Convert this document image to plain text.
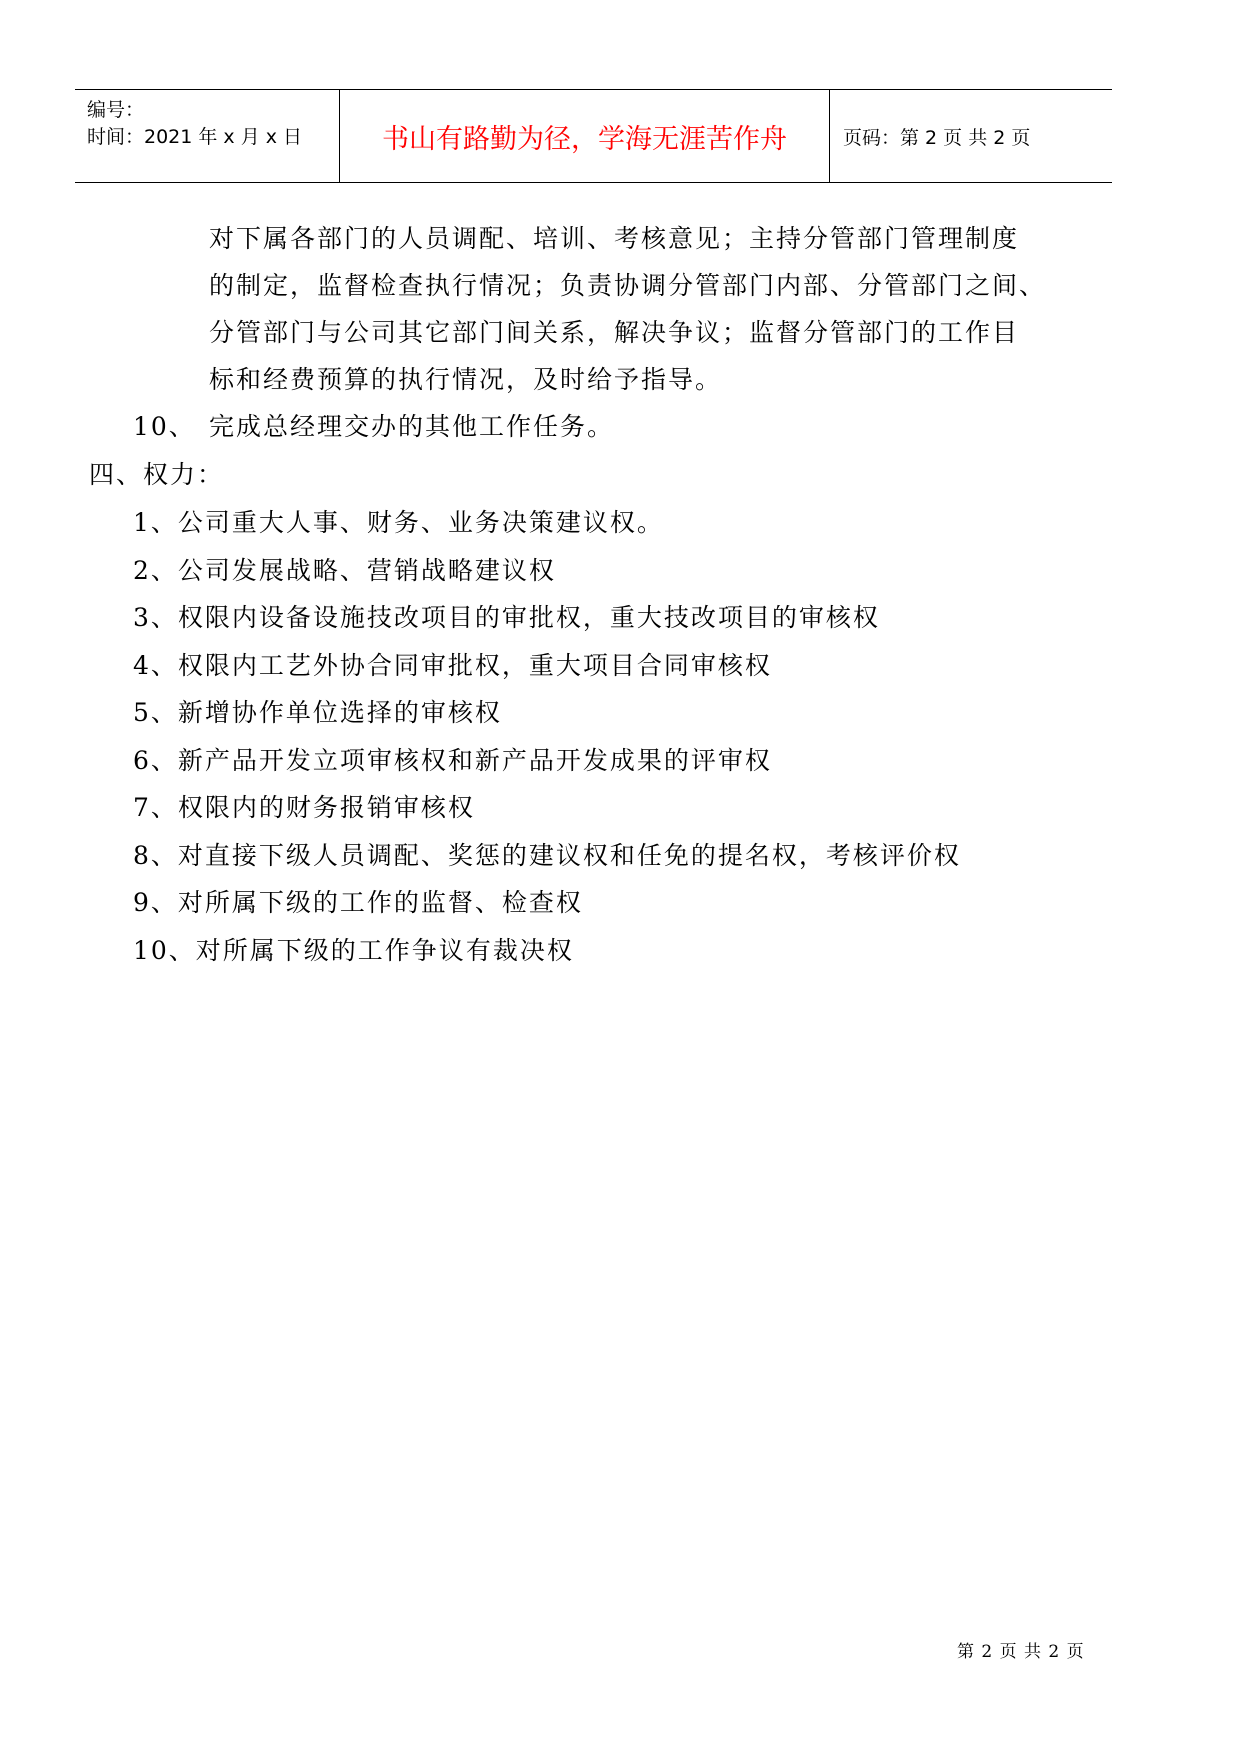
编号：
时间：2021 年 x 月 x 日	书山有路勤为径，学海无涯苦作舟	页码：第 2 页 共 2 页
对下属各部门的人员调配、培训、考核意见；主持分管部门管理制度
的制定，监督检查执行情况；负责协调分管部门内部、分管部门之间、
分管部门与公司其它部门间关系，解决争议；监督分管部门的工作目
标和经费预算的执行情况，及时给予指导。
10、 完成总经理交办的其他工作任务。
四、权力：
1、公司重大人事、财务、业务决策建议权。
2、公司发展战略、营销战略建议权
3、权限内设备设施技改项目的审批权，重大技改项目的审核权
4、权限内工艺外协合同审批权，重大项目合同审核权
5、新增协作单位选择的审核权
6、新产品开发立项审核权和新产品开发成果的评审权
7、权限内的财务报销审核权
8、对直接下级人员调配、奖惩的建议权和任免的提名权，考核评价权
9、对所属下级的工作的监督、检查权
10、对所属下级的工作争议有裁决权
第 2 页 共 2 页
